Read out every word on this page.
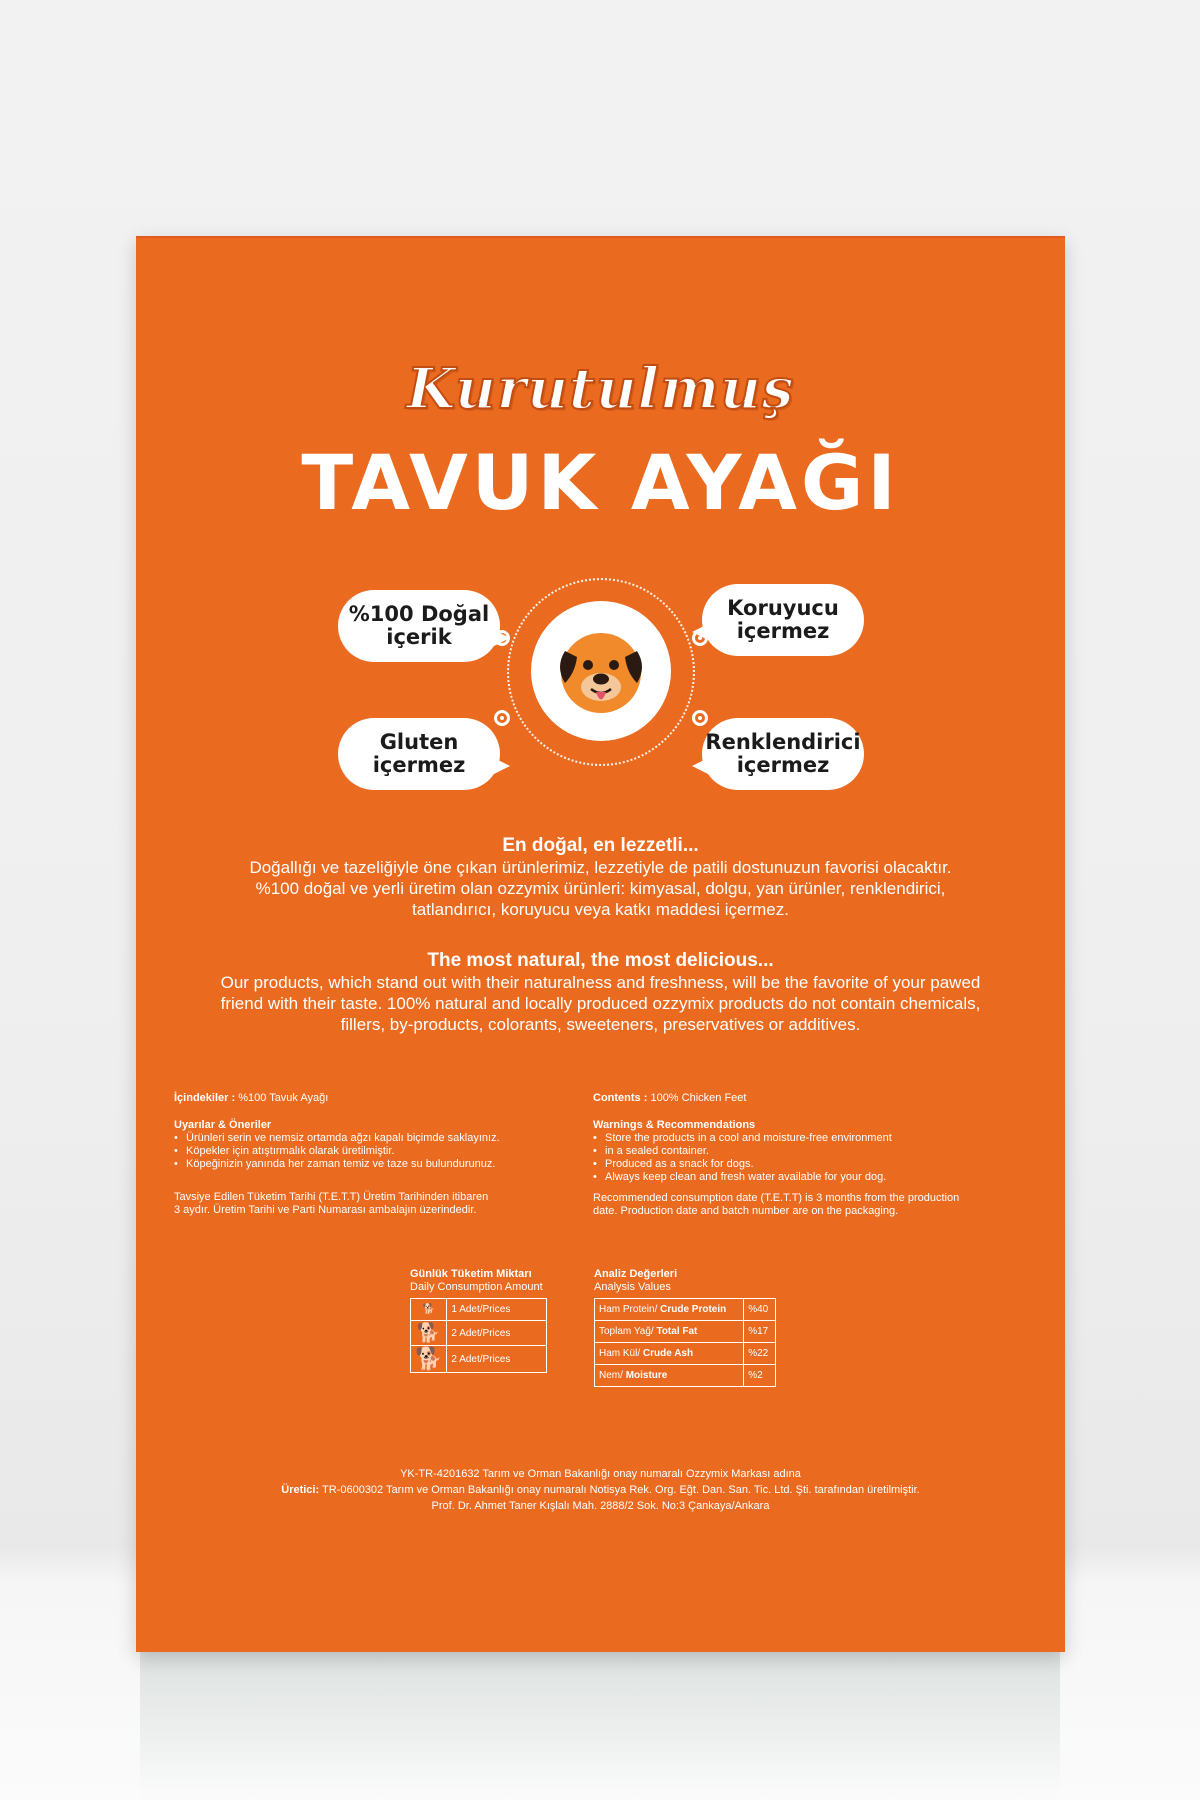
Kurutulmuş
TAVUK AYAĞI
%100 Doğal
içerik
Koruyucu
içermez
Gluten
içermez
Renklendirici
içermez
En doğal, en lezzetli...
Doğallığı ve tazeliğiyle öne çıkan ürünlerimiz, lezzetiyle de patili dostunuzun favorisi olacaktır.
%100 doğal ve yerli üretim olan ozzymix ürünleri: kimyasal, dolgu, yan ürünler, renklendirici,
tatlandırıcı, koruyucu veya katkı maddesi içermez.
The most natural, the most delicious...
Our products, which stand out with their naturalness and freshness, will be the favorite of your pawed
friend with their taste. 100% natural and locally produced ozzymix products do not contain chemicals,
fillers, by-products, colorants, sweeteners, preservatives or additives.
İçindekiler : %100 Tavuk Ayağı
Uyarılar & Öneriler
• Ürünleri serin ve nemsiz ortamda ağzı kapalı biçimde saklayınız.
• Köpekler için atıştırmalık olarak üretilmiştir.
• Köpeğinizin yanında her zaman temiz ve taze su bulundurunuz.
Tavsiye Edilen Tüketim Tarihi (T.E.T.T) Üretim Tarihinden itibaren
3 aydır. Üretim Tarihi ve Parti Numarası ambalajın üzerindedir.
Contents : 100% Chicken Feet
Warnings & Recommendations
• Store the products in a cool and moisture-free environment
• in a sealed container.
• Produced as a snack for dogs.
• Always keep clean and fresh water available for your dog.
Recommended consumption date (T.E.T.T) is 3 months from the production
date. Production date and batch number are on the packaging.
Günlük Tüketim Miktarı
Daily Consumption Amount
🐕	1 Adet/Prices
🐕	2 Adet/Prices
🐕	2 Adet/Prices
Analiz Değerleri
Analysis Values
Ham Protein/ Crude Protein	%40
Toplam Yağ/ Total Fat	%17
Ham Kül/ Crude Ash	%22
Nem/ Moisture	%2
YK-TR-4201632 Tarım ve Orman Bakanlığı onay numaralı Ozzymix Markası adına
Üretici: TR-0600302 Tarım ve Orman Bakanlığı onay numaralı Notisya Rek. Org. Eğt. Dan. San. Tic. Ltd. Şti. tarafından üretilmiştir.
Prof. Dr. Ahmet Taner Kışlalı Mah. 2888/2 Sok. No:3 Çankaya/Ankara
